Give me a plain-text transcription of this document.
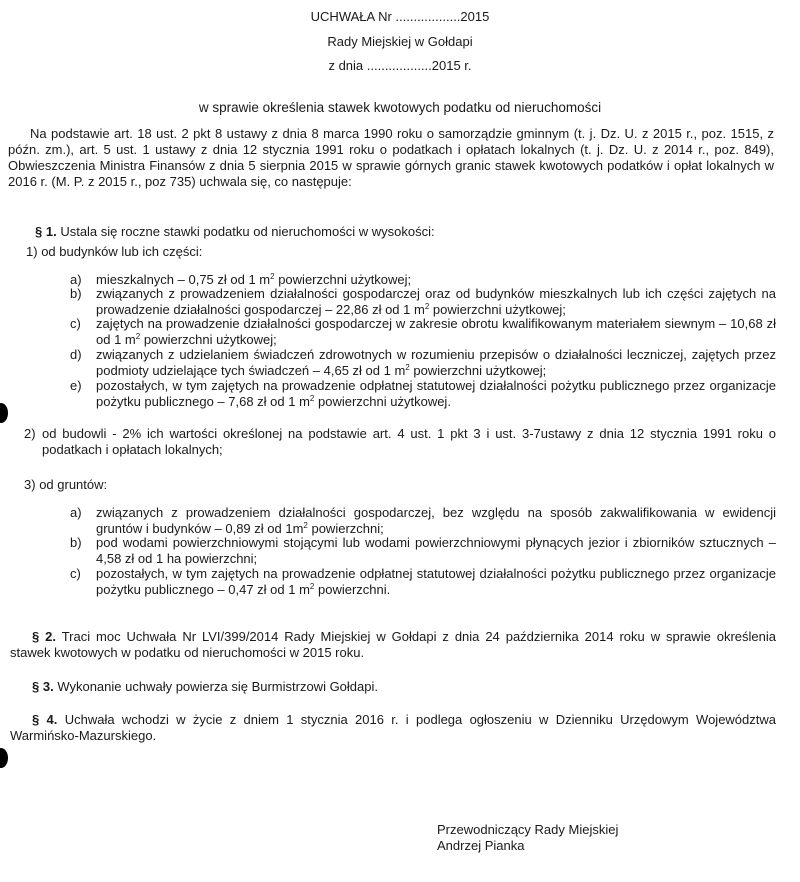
UCHWAŁA Nr ..................2015
Rady Miejskiej w Gołdapi
z dnia ..................2015 r.
w sprawie określenia stawek kwotowych podatku od nieruchomości
Na podstawie art. 18 ust. 2 pkt 8 ustawy z dnia 8 marca 1990 roku o samorządzie gminnym (t. j. Dz. U. z 2015 r., poz. 1515, z późn. zm.), art. 5 ust. 1 ustawy z dnia 12 stycznia 1991 roku o podatkach i opłatach lokalnych (t. j. Dz. U. z 2014 r., poz. 849), Obwieszczenia Ministra Finansów z dnia 5 sierpnia 2015 w sprawie górnych granic stawek kwotowych podatków i opłat lokalnych w 2016 r. (M. P. z 2015 r., poz 735) uchwala się, co następuje:
§ 1. Ustala się roczne stawki podatku od nieruchomości w wysokości:
1) od budynków lub ich części:
a) mieszkalnych – 0,75 zł od 1 $m^2$ powierzchni użytkowej;
b) związanych z prowadzeniem działalności gospodarczej oraz od budynków mieszkalnych lub ich części zajętych na prowadzenie działalności gospodarczej – 22,86 zł od 1 $m^2$ powierzchni użytkowej;
c) zajętych na prowadzenie działalności gospodarczej w zakresie obrotu kwalifikowanym materiałem siewnym – 10,68 zł od 1 $m^2$ powierzchni użytkowej;
d) związanych z udzielaniem świadczeń zdrowotnych w rozumieniu przepisów o działalności leczniczej, zajętych przez podmioty udzielające tych świadczeń – 4,65 zł od 1 $m^2$ powierzchni użytkowej;
e) pozostałych, w tym zajętych na prowadzenie odpłatnej statutowej działalności pożytku publicznego przez organizacje pożytku publicznego – 7,68 zł od 1 $m^2$ powierzchni użytkowej.
2) od budowli - 2% ich wartości określonej na podstawie art. 4 ust. 1 pkt 3 i ust. 3-7ustawy z dnia 12 stycznia 1991 roku o podatkach i opłatach lokalnych;
3) od gruntów:
a) związanych z prowadzeniem działalności gospodarczej, bez względu na sposób zakwalifikowania w ewidencji gruntów i budynków – 0,89 zł od $1m^2$ powierzchni;
b) pod wodami powierzchniowymi stojącymi lub wodami powierzchniowymi płynących jezior i zbiorników sztucznych – 4,58 zł od 1 ha powierzchni;
c) pozostałych, w tym zajętych na prowadzenie odpłatnej statutowej działalności pożytku publicznego przez organizacje pożytku publicznego – 0,47 zł od 1 $m^2$ powierzchni.
§ 2. Traci moc Uchwała Nr LVI/399/2014 Rady Miejskiej w Gołdapi z dnia 24 października 2014 roku w sprawie określenia stawek kwotowych w podatku od nieruchomości w 2015 roku.
§ 3. Wykonanie uchwały powierza się Burmistrzowi Gołdapi.
§ 4. Uchwała wchodzi w życie z dniem 1 stycznia 2016 r. i podlega ogłoszeniu w Dzienniku Urzędowym Województwa Warmińsko-Mazurskiego.
Przewodniczący Rady Miejskiej
Andrzej Pianka
